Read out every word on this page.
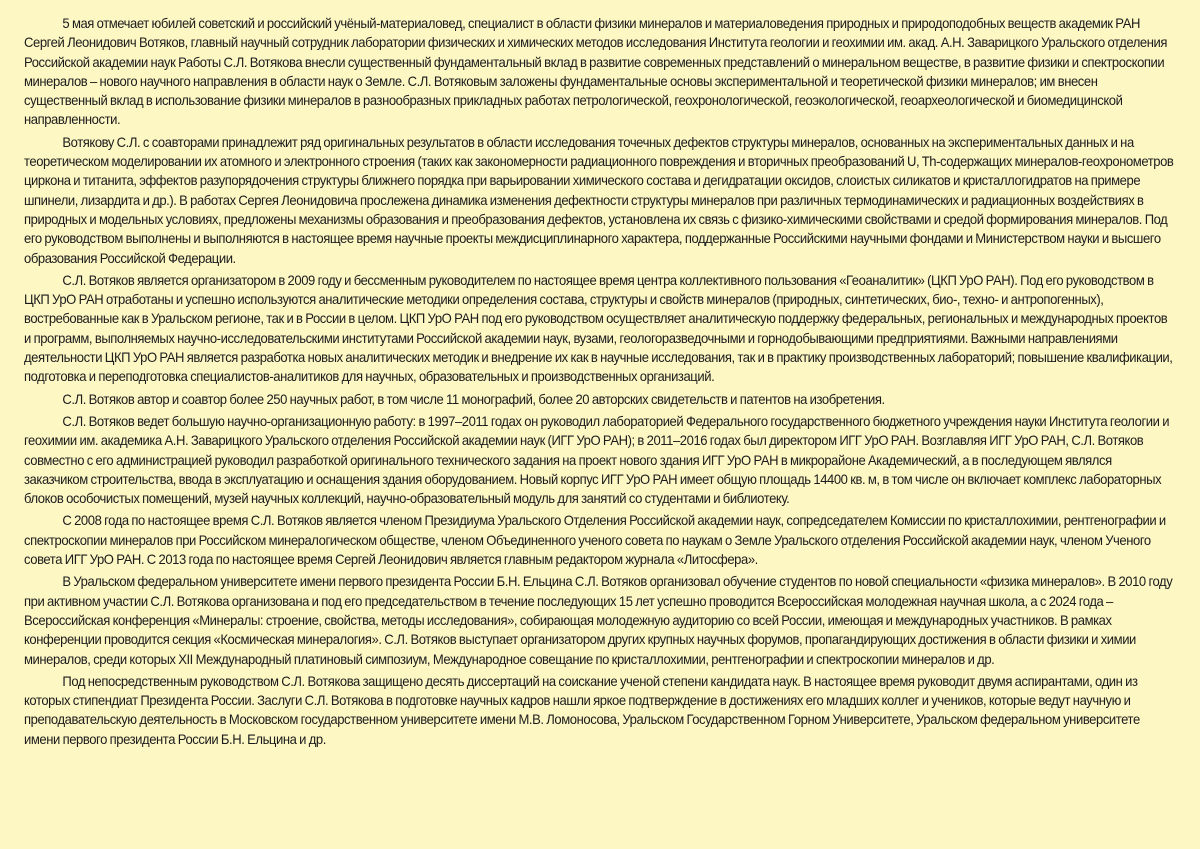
5 мая отмечает юбилей советский и российский учёный-материаловед, специалист в области физики минералов и материаловедения природных и природоподобных веществ академик РАН Сергей Леонидович Вотяков, главный научный сотрудник лаборатории физических и химических методов исследования Института геологии и геохимии им. акад. А.Н. Заварицкого Уральского отделения Российской академии наук Работы С.Л. Вотякова внесли существенный фундаментальный вклад в развитие современных представлений о минеральном веществе, в развитие физики и спектроскопии минералов – нового научного направления в области наук о Земле. С.Л. Вотяковым заложены фундаментальные основы экспериментальной и теоретической физики минералов; им внесен существенный вклад в использование физики минералов в разнообразных прикладных работах петрологической, геохронологической, геоэкологической, геоархеологической и биомедицинской направленности.

Вотякову С.Л. с соавторами принадлежит ряд оригинальных результатов в области исследования точечных дефектов структуры минералов, основанных на экспериментальных данных и на теоретическом моделировании их атомного и электронного строения (таких как закономерности радиационного повреждения и вторичных преобразований U, Th-содержащих минералов-геохронометров циркона и титанита, эффектов разупорядочения структуры ближнего порядка при варьировании химического состава и дегидратации оксидов, слоистых силикатов и кристаллогидратов на примере шпинели, лизардита и др.). В работах Сергея Леонидовича прослежена динамика изменения дефектности структуры минералов при различных термодинамических и радиационных воздействиях в природных и модельных условиях, предложены механизмы образования и преобразования дефектов, установлена их связь с физико-химическими свойствами и средой формирования минералов. Под его руководством выполнены и выполняются в настоящее время научные проекты междисциплинарного характера, поддержанные Российскими научными фондами и Министерством науки и высшего образования Российской Федерации.

С.Л. Вотяков является организатором в 2009 году и бессменным руководителем по настоящее время центра коллективного пользования «Геоаналитик» (ЦКП УрО РАН). Под его руководством в ЦКП УрО РАН отработаны и успешно используются аналитические методики определения состава, структуры и свойств минералов (природных, синтетических, био-, техно- и антропогенных), востребованные как в Уральском регионе, так и в России в целом. ЦКП УрО РАН под его руководством осуществляет аналитическую поддержку федеральных, региональных и международных проектов и программ, выполняемых научно-исследовательскими институтами Российской академии наук, вузами, геологоразведочными и горнодобывающими предприятиями. Важными направлениями деятельности ЦКП УрО РАН является разработка новых аналитических методик и внедрение их как в научные исследования, так и в практику производственных лабораторий; повышение квалификации, подготовка и переподготовка специалистов-аналитиков для научных, образовательных и производственных организаций.

С.Л. Вотяков автор и соавтор более 250 научных работ, в том числе 11 монографий, более 20 авторских свидетельств и патентов на изобретения.

С.Л. Вотяков ведет большую научно-организационную работу: в 1997–2011 годах он руководил лабораторией Федерального государственного бюджетного учреждения науки Института геологии и геохимии им. академика А.Н. Заварицкого Уральского отделения Российской академии наук (ИГГ УрО РАН); в 2011–2016 годах был директором ИГГ УрО РАН. Возглавляя ИГГ УрО РАН, С.Л. Вотяков совместно с его администрацией руководил разработкой оригинального технического задания на проект нового здания ИГГ УрО РАН в микрорайоне Академический, а в последующем являлся заказчиком строительства, ввода в эксплуатацию и оснащения здания оборудованием. Новый корпус ИГГ УрО РАН имеет общую площадь 14400 кв. м, в том числе он включает комплекс лабораторных блоков особочистых помещений, музей научных коллекций, научно-образовательный модуль для занятий со студентами и библиотеку.

С 2008 года по настоящее время С.Л. Вотяков является членом Президиума Уральского Отделения Российской академии наук, сопредседателем Комиссии по кристаллохимии, рентгенографии и спектроскопии минералов при Российском минералогическом обществе, членом Объединенного ученого совета по наукам о Земле Уральского отделения Российской академии наук, членом Ученого совета ИГГ УрО РАН. С 2013 года по настоящее время Сергей Леонидович является главным редактором журнала «Литосфера».

В Уральском федеральном университете имени первого президента России Б.Н. Ельцина С.Л. Вотяков организовал обучение студентов по новой специальности «физика минералов». В 2010 году при активном участии С.Л. Вотякова организована и под его председательством в течение последующих 15 лет успешно проводится Всероссийская молодежная научная школа, а с 2024 года – Всероссийская конференция «Минералы: строение, свойства, методы исследования», собирающая молодежную аудиторию со всей России, имеющая и международных участников. В рамках конференции проводится секция «Космическая минералогия». С.Л. Вотяков выступает организатором других крупных научных форумов, пропагандирующих достижения в области физики и химии минералов, среди которых XII Международный платиновый симпозиум, Международное совещание по кристаллохимии, рентгенографии и спектроскопии минералов и др.

Под непосредственным руководством С.Л. Вотякова защищено десять диссертаций на соискание ученой степени кандидата наук. В настоящее время руководит двумя аспирантами, один из которых стипендиат Президента России. Заслуги С.Л. Вотякова в подготовке научных кадров нашли яркое подтверждение в достижениях его младших коллег и учеников, которые ведут научную и преподавательскую деятельность в Московском государственном университете имени М.В. Ломоносова, Уральском Государственном Горном Университете, Уральском федеральном университете имени первого президента России Б.Н. Ельцина и др.
